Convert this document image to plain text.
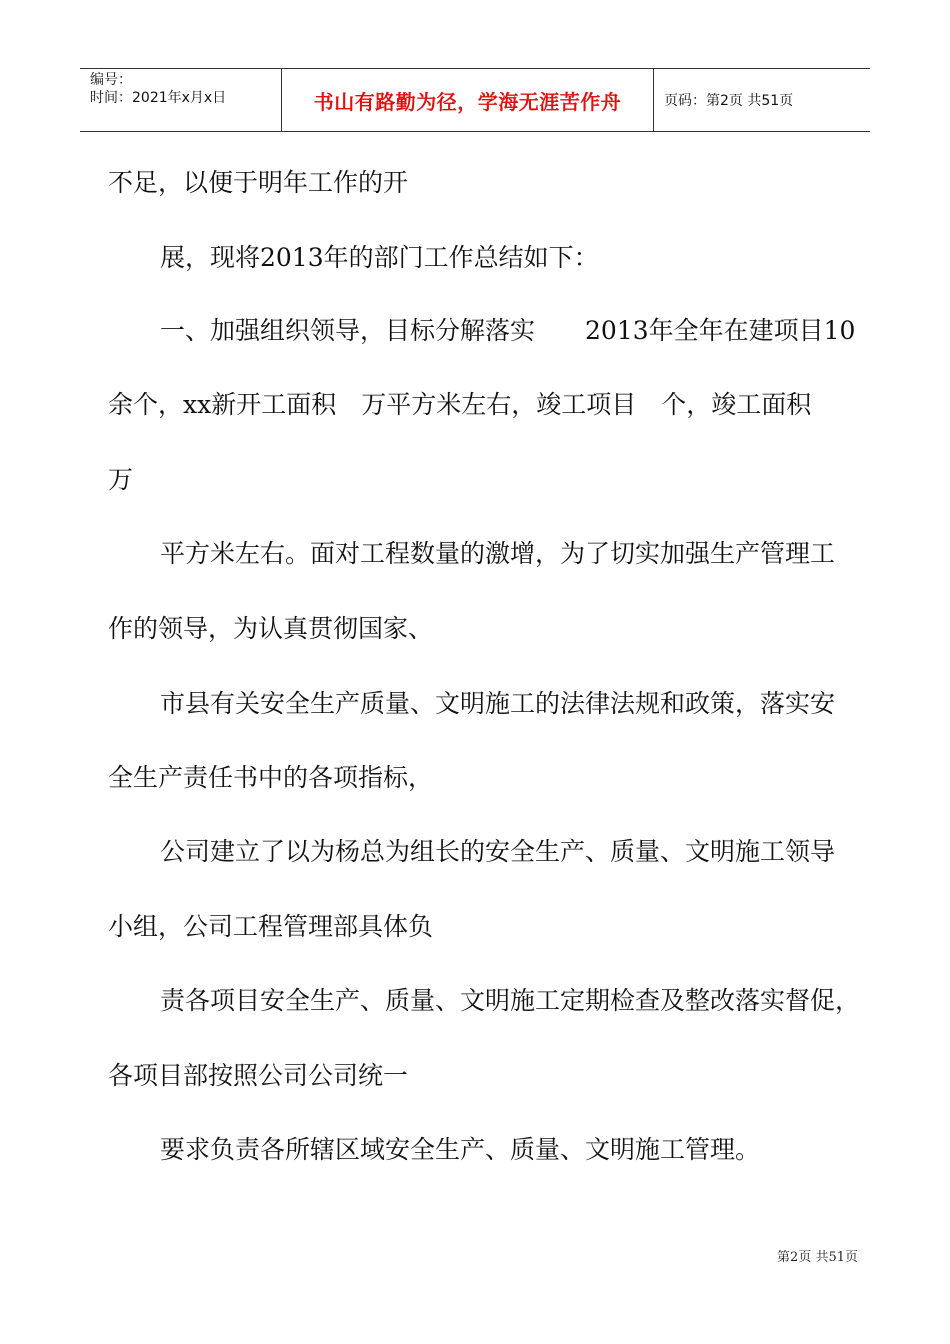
编号：
时间：2021年x月x日	书山有路勤为径，学海无涯苦作舟	页码：第2页 共51页
不足，以便于明年工作的开
展，现将2013年的部门工作总结如下：
一、加强组织领导，目标分解落实　　2013年全年在建项目10
余个，xx新开工面积　万平方米左右，竣工项目　个，竣工面积
万
平方米左右。面对工程数量的激增，为了切实加强生产管理工
作的领导，为认真贯彻国家、
市县有关安全生产质量、文明施工的法律法规和政策，落实安
全生产责任书中的各项指标，
公司建立了以为杨总为组长的安全生产、质量、文明施工领导
小组，公司工程管理部具体负
责各项目安全生产、质量、文明施工定期检查及整改落实督促，
各项目部按照公司公司统一
要求负责各所辖区域安全生产、质量、文明施工管理。
第2页 共51页
